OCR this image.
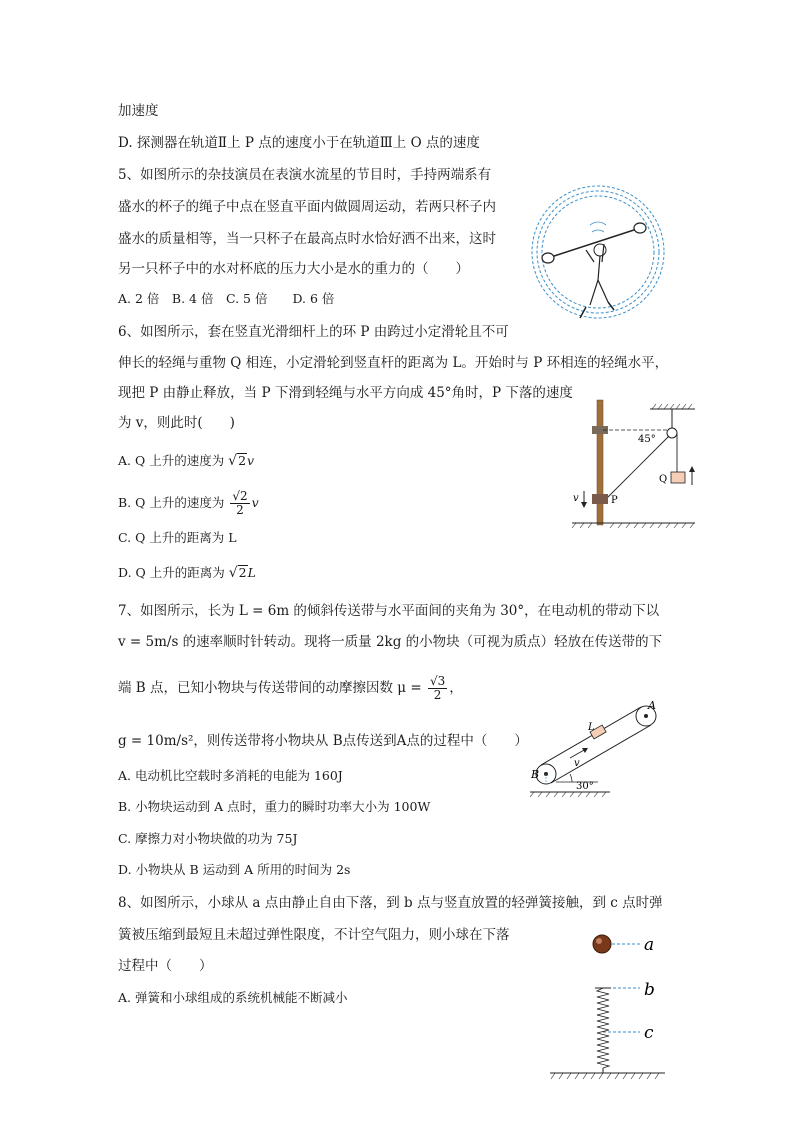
加速度
D. 探测器在轨道Ⅱ上 P 点的速度小于在轨道Ⅲ上 O 点的速度
5、如图所示的杂技演员在表演水流星的节目时，手持两端系有
盛水的杯子的绳子中点在竖直平面内做圆周运动，若两只杯子内
盛水的质量相等，当一只杯子在最高点时水恰好洒不出来，这时
另一只杯子中的水对杯底的压力大小是水的重力的（　　）
A. 2 倍　B. 4 倍　C. 5 倍　　D. 6 倍
6、如图所示，套在竖直光滑细杆上的环 P 由跨过小定滑轮且不可
伸长的轻绳与重物 Q 相连，小定滑轮到竖直杆的距离为 L。开始时与 P 环相连的轻绳水平，
现把 P 由静止释放，当 P 下滑到轻绳与水平方向成 45°角时，P 下落的速度
为 v，则此时(　　)
A. Q 上升的速度为 √2v
B. Q 上升的速度为 $\frac{√2}{2}$ v
C. Q 上升的距离为 L
D. Q 上升的距离为 √2L
7、如图所示，长为 L = 6m 的倾斜传送带与水平面间的夹角为 30°，在电动机的带动下以
v = 5m/s 的速率顺时针转动。现将一质量 2kg 的小物块（可视为质点）轻放在传送带的下
端 B 点，已知小物块与传送带间的动摩擦因数 $\mu = \frac{√3}{2}$ ，
g = 10m/s²，则传送带将小物块从 B点传送到A点的过程中（　　）
A. 电动机比空载时多消耗的电能为 160J
B. 小物块运动到 A 点时，重力的瞬时功率大小为 100W
C. 摩擦力对小物块做的功为 75J
D. 小物块从 B 运动到 A 所用的时间为 2s
8、如图所示，小球从 a 点由静止自由下落，到 b 点与竖直放置的轻弹簧接触，到 c 点时弹
簧被压缩到最短且未超过弹性限度，不计空气阻力，则小球在下落
过程中（　　）
A. 弹簧和小球组成的系统机械能不断减小
45°
Q
P
v
A
B
L
v
30°
a
b
c
